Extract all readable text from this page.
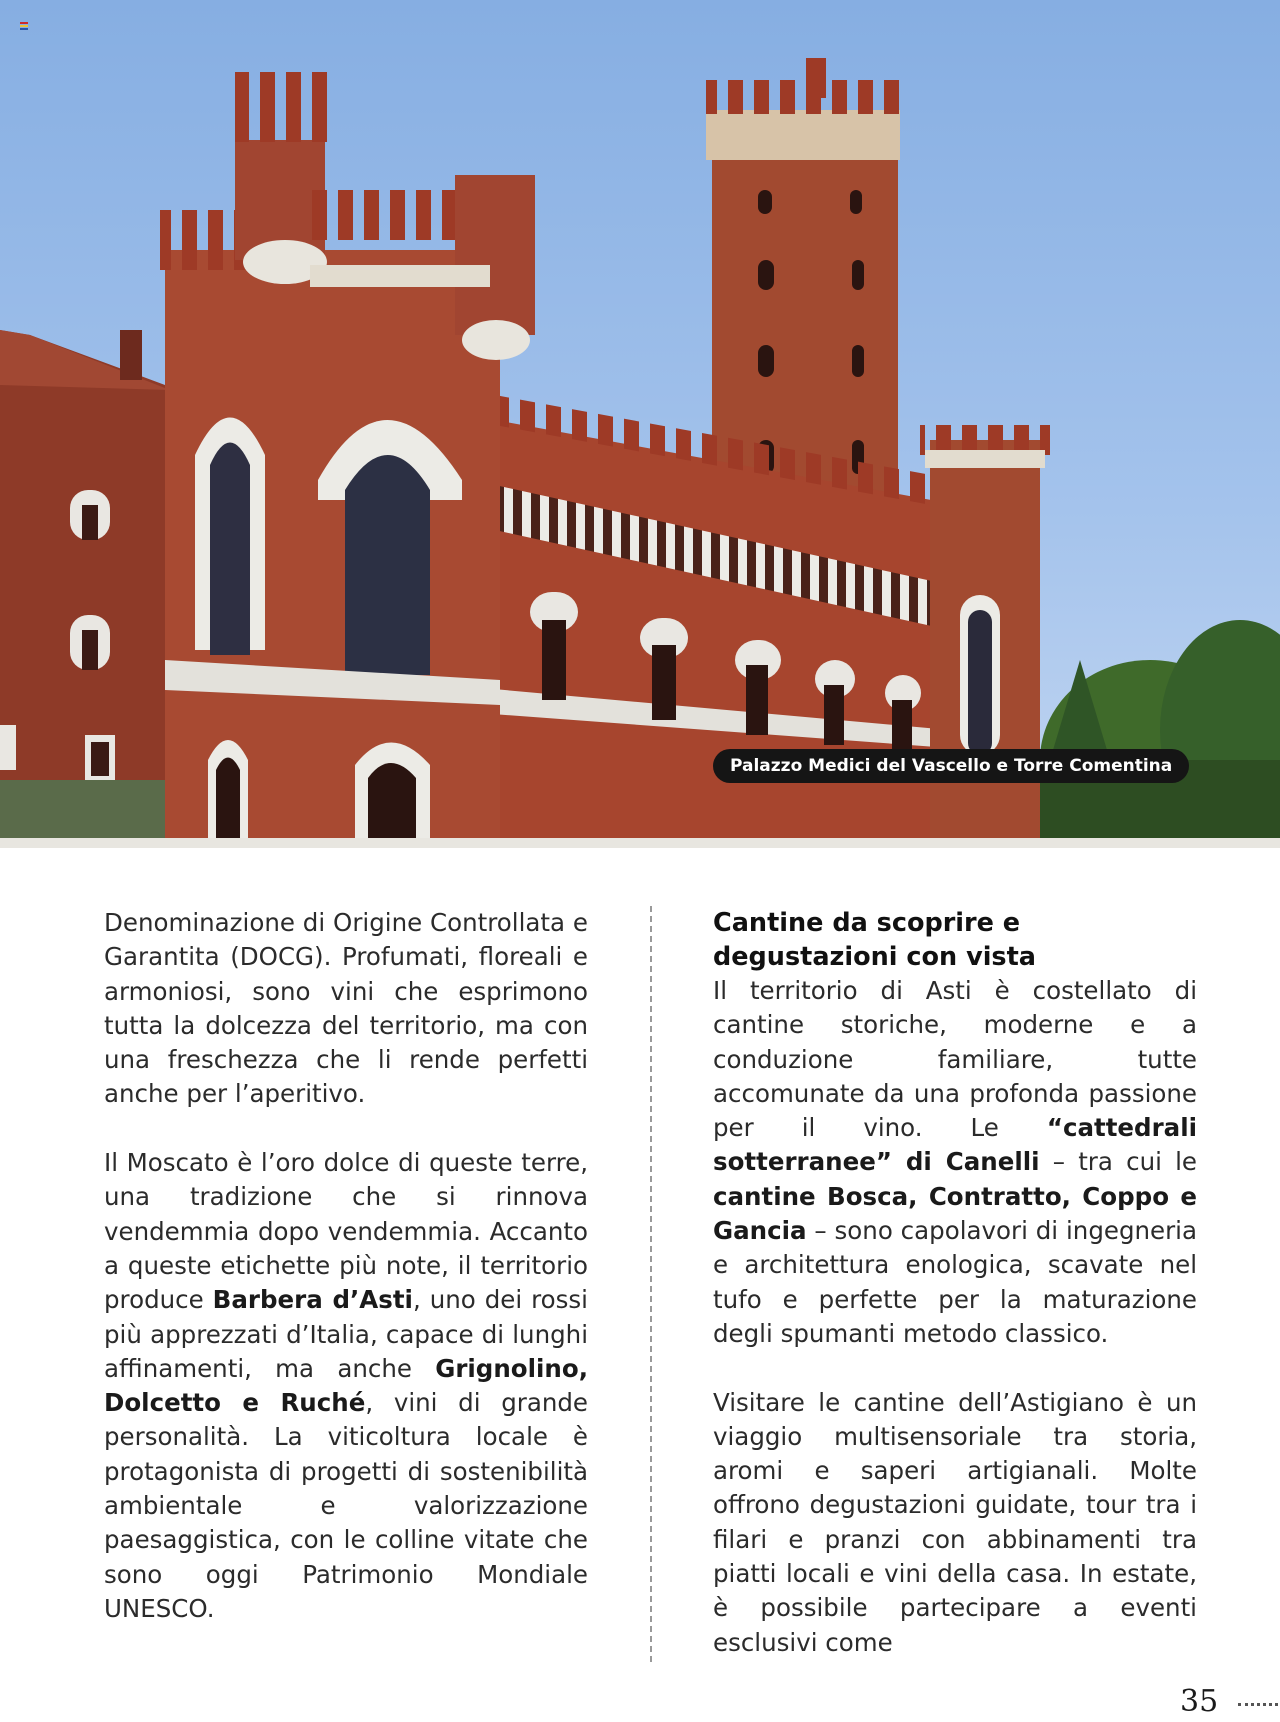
Palazzo Medici del Vascello e Torre Comentina

Denominazione di Origine Controllata e Garantita (DOCG). Profumati, floreali e armoniosi, sono vini che esprimono tutta la dolcezza del territorio, ma con una freschezza che li rende perfetti anche per l’aperitivo.

Il Moscato è l’oro dolce di queste terre, una tradizione che si rinnova vendemmia dopo vendemmia. Accanto a queste etichette più note, il territorio produce Barbera d’Asti, uno dei rossi più apprezzati d’Italia, capace di lunghi affinamenti, ma anche Grignolino, Dolcetto e Ruché, vini di grande personalità. La viticoltura locale è protagonista di progetti di sostenibilità ambientale e valorizzazione paesaggistica, con le colline vitate che sono oggi Patrimonio Mondiale UNESCO.

Cantine da scoprire e degustazioni con vista

Il territorio di Asti è costellato di cantine storiche, moderne e a conduzione familiare, tutte accomunate da una profonda passione per il vino. Le “cattedrali sotterranee” di Canelli – tra cui le cantine Bosca, Contratto, Coppo e Gancia – sono capolavori di ingegneria e architettura enologica, scavate nel tufo e perfette per la maturazione degli spumanti metodo classico.

Visitare le cantine dell’Astigiano è un viaggio multisensoriale tra storia, aromi e saperi artigianali. Molte offrono degustazioni guidate, tour tra i filari e pranzi con abbinamenti tra piatti locali e vini della casa. In estate, è possibile partecipare a eventi esclusivi come

35
